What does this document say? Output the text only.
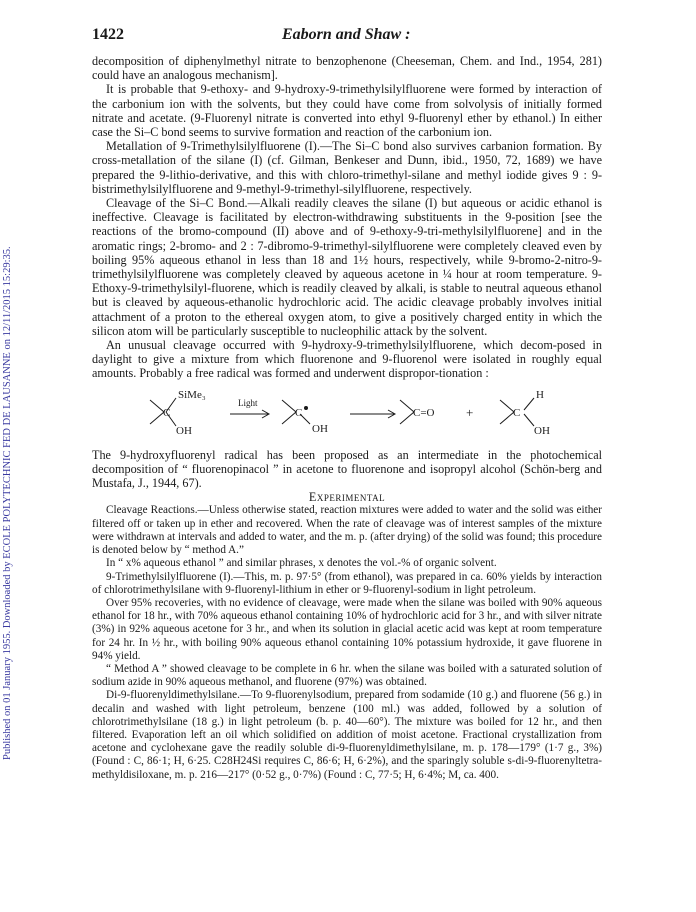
Published on 01 January 1955. Downloaded by ECOLE POLYTECHNIC FED DE LAUSANNE on 12/11/2015 15:29:35.
1422	Eaborn and Shaw :

decomposition of diphenylmethyl nitrate to benzophenone (Cheeseman, Chem. and Ind., 1954, 281) could have an analogous mechanism].

It is probable that 9-ethoxy- and 9-hydroxy-9-trimethylsilylfluorene were formed by interaction of the carbonium ion with the solvents, but they could have come from solvolysis of initially formed nitrate and acetate. (9-Fluorenyl nitrate is converted into ethyl 9-fluorenyl ether by ethanol.) In either case the Si–C bond seems to survive formation and reaction of the carbonium ion.

Metallation of 9-Trimethylsilylfluorene (I).—The Si–C bond also survives carbanion formation. By cross-metallation of the silane (I) (cf. Gilman, Benkeser and Dunn, ibid., 1950, 72, 1689) we have prepared the 9-lithio-derivative, and this with chloro-trimethyl-silane and methyl iodide gives 9 : 9-bistrimethylsilylfluorene and 9-methyl-9-trimethyl-silylfluorene, respectively.

Cleavage of the Si–C Bond.—Alkali readily cleaves the silane (I) but aqueous or acidic ethanol is ineffective. Cleavage is facilitated by electron-withdrawing substituents in the 9-position [see the reactions of the bromo-compound (II) above and of 9-ethoxy-9-tri-methylsilylfluorene] and in the aromatic rings; 2-bromo- and 2 : 7-dibromo-9-trimethyl-silylfluorene were completely cleaved even by boiling 95% aqueous ethanol in less than 18 and 1½ hours, respectively, while 9-bromo-2-nitro-9-trimethylsilylfluorene was completely cleaved by aqueous acetone in ¼ hour at room temperature. 9-Ethoxy-9-trimethylsilyl-fluorene, which is readily cleaved by alkali, is stable to neutral aqueous ethanol but is cleaved by aqueous-ethanolic hydrochloric acid. The acidic cleavage probably involves initial attachment of a proton to the ethereal oxygen atom, to give a positively charged entity in which the silicon atom will be particularly susceptible to nucleophilic attack by the solvent.

An unusual cleavage occurred with 9-hydroxy-9-trimethylsilylfluorene, which decom-posed in daylight to give a mixture from which fluorenone and 9-fluorenol were isolated in roughly equal amounts. Probably a free radical was formed and underwent dispropor-tionation :

C
SiMe₃
OH
Light
C
OH
C=O +	C
H
OH

The 9-hydroxyfluorenyl radical has been proposed as an intermediate in the photochemical decomposition of “ fluorenopinacol ” in acetone to fluorenone and isopropyl alcohol (Schön-berg and Mustafa, J., 1944, 67).

Experimental

Cleavage Reactions.—Unless otherwise stated, reaction mixtures were added to water and the solid was either filtered off or taken up in ether and recovered. When the rate of cleavage was of interest samples of the mixture were withdrawn at intervals and added to water, and the m. p. (after drying) of the solid was found; this procedure is denoted below by “ method A.”

In “ x% aqueous ethanol ” and similar phrases, x denotes the vol.-% of organic solvent.

9-Trimethylsilylfluorene (I).—This, m. p. 97·5° (from ethanol), was prepared in ca. 60% yields by interaction of chlorotrimethylsilane with 9-fluorenyl-lithium in ether or 9-fluorenyl-sodium in light petroleum.

Over 95% recoveries, with no evidence of cleavage, were made when the silane was boiled with 90% aqueous ethanol for 18 hr., with 70% aqueous ethanol containing 10% of hydrochloric acid for 3 hr., and with silver nitrate (3%) in 92% aqueous acetone for 3 hr., and when its solution in glacial acetic acid was kept at room temperature for 24 hr. In ½ hr., with boiling 90% aqueous ethanol containing 10% potassium hydroxide, it gave fluorene in 94% yield.

“ Method A ” showed cleavage to be complete in 6 hr. when the silane was boiled with a saturated solution of sodium azide in 90% aqueous methanol, and fluorene (97%) was obtained.

Di-9-fluorenyldimethylsilane.—To 9-fluorenylsodium, prepared from sodamide (10 g.) and fluorene (56 g.) in decalin and washed with light petroleum, benzene (100 ml.) was added, followed by a solution of chlorotrimethylsilane (18 g.) in light petroleum (b. p. 40—60°). The mixture was boiled for 12 hr., and then filtered. Evaporation left an oil which solidified on addition of moist acetone. Fractional crystallization from acetone and cyclohexane gave the readily soluble di-9-fluorenyldimethylsilane, m. p. 178—179° (1·7 g., 3%) (Found : C, 86·1; H, 6·25. C28H24Si requires C, 86·6; H, 6·2%), and the sparingly soluble s-di-9-fluorenyltetra-methyldisiloxane, m. p. 216—217° (0·52 g., 0·7%) (Found : C, 77·5; H, 6·4%; M, ca. 400.
